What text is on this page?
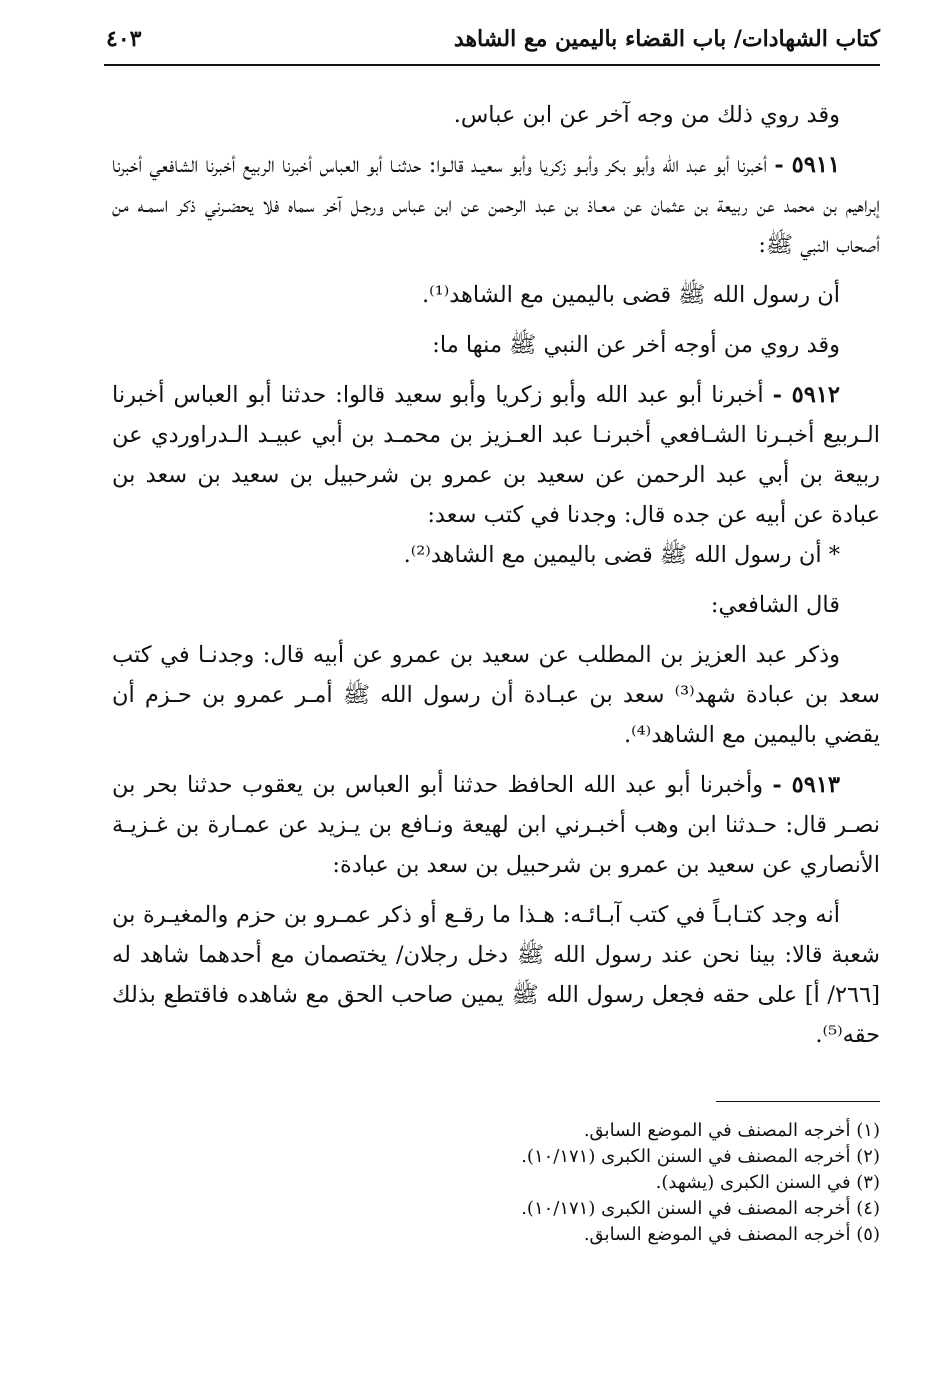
كتاب الشهادات/ باب القضاء باليمين مع الشاهد
٤٠٣

وقد روي ذلك من وجه آخر عن ابن عباس.

٥٩١١ - أخبرنا أبو عبد الله وأبو بكر وأبـو زكريا وأبو سعيـد قالـوا: حدثنـا أبو العباس أخبرنا الربيع أخبرنا الشافعي أخبرنا إبراهيم بن محمد عن ربيعة بن عثمان عن معـاذ بن عبد الرحمن عن ابن عباس ورجـل آخر سماه فلا يحضـرني ذكر اسمـه من أصحاب النبي ﷺ:

أن رسول الله ﷺ قضى باليمين مع الشاهد⁽¹⁾.

وقد روي من أوجه أخر عن النبي ﷺ منها ما:

٥٩١٢ - أخبرنا أبو عبد الله وأبو زكريا وأبو سعيد قالوا: حدثنا أبو العباس أخبرنا الـربيع أخبـرنا الشـافعي أخبرنـا عبد العـزيز بن محمـد بن أبي عبيـد الـدراوردي عن ربيعة بن أبي عبد الرحمن عن سعيد بن عمرو بن شرحبيل بن سعيد بن سعد بن عبادة عن أبيه عن جده قال: وجدنا في كتب سعد:

* أن رسول الله ﷺ قضى باليمين مع الشاهد⁽²⁾.

قال الشافعي:

وذكر عبد العزيز بن المطلب عن سعيد بن عمرو عن أبيه قال: وجدنـا في كتب سعد بن عبادة شهد⁽³⁾ سعد بن عبـادة أن رسول الله ﷺ أمـر عمرو بن حـزم أن يقضي باليمين مع الشاهد⁽⁴⁾.

٥٩١٣ - وأخبرنا أبو عبد الله الحافظ حدثنا أبو العباس بن يعقوب حدثنا بحر بن نصـر قال: حـدثنا ابن وهب أخبـرني ابن لهيعة ونـافع بن يـزيد عن عمـارة بن غـزيـة الأنصاري عن سعيد بن عمرو بن شرحبيل بن سعد بن عبادة:

أنه وجد كتـابـاً في كتب آبـائـه: هـذا ما رقـع أو ذكر عمـرو بن حزم والمغيـرة بن شعبة قالا: بينا نحن عند رسول الله ﷺ دخل رجلان/ يختصمان مع أحدهما شاهد له [٢٦٦/ أ] على حقه فجعل رسول الله ﷺ يمين صاحب الحق مع شاهده فاقتطع بذلك حقه⁽⁵⁾.

(١) أخرجه المصنف في الموضع السابق.
(٢) أخرجه المصنف في السنن الكبرى (١٠/١٧١).
(٣) في السنن الكبرى (يشهد).
(٤) أخرجه المصنف في السنن الكبرى (١٠/١٧١).
(٥) أخرجه المصنف في الموضع السابق.
